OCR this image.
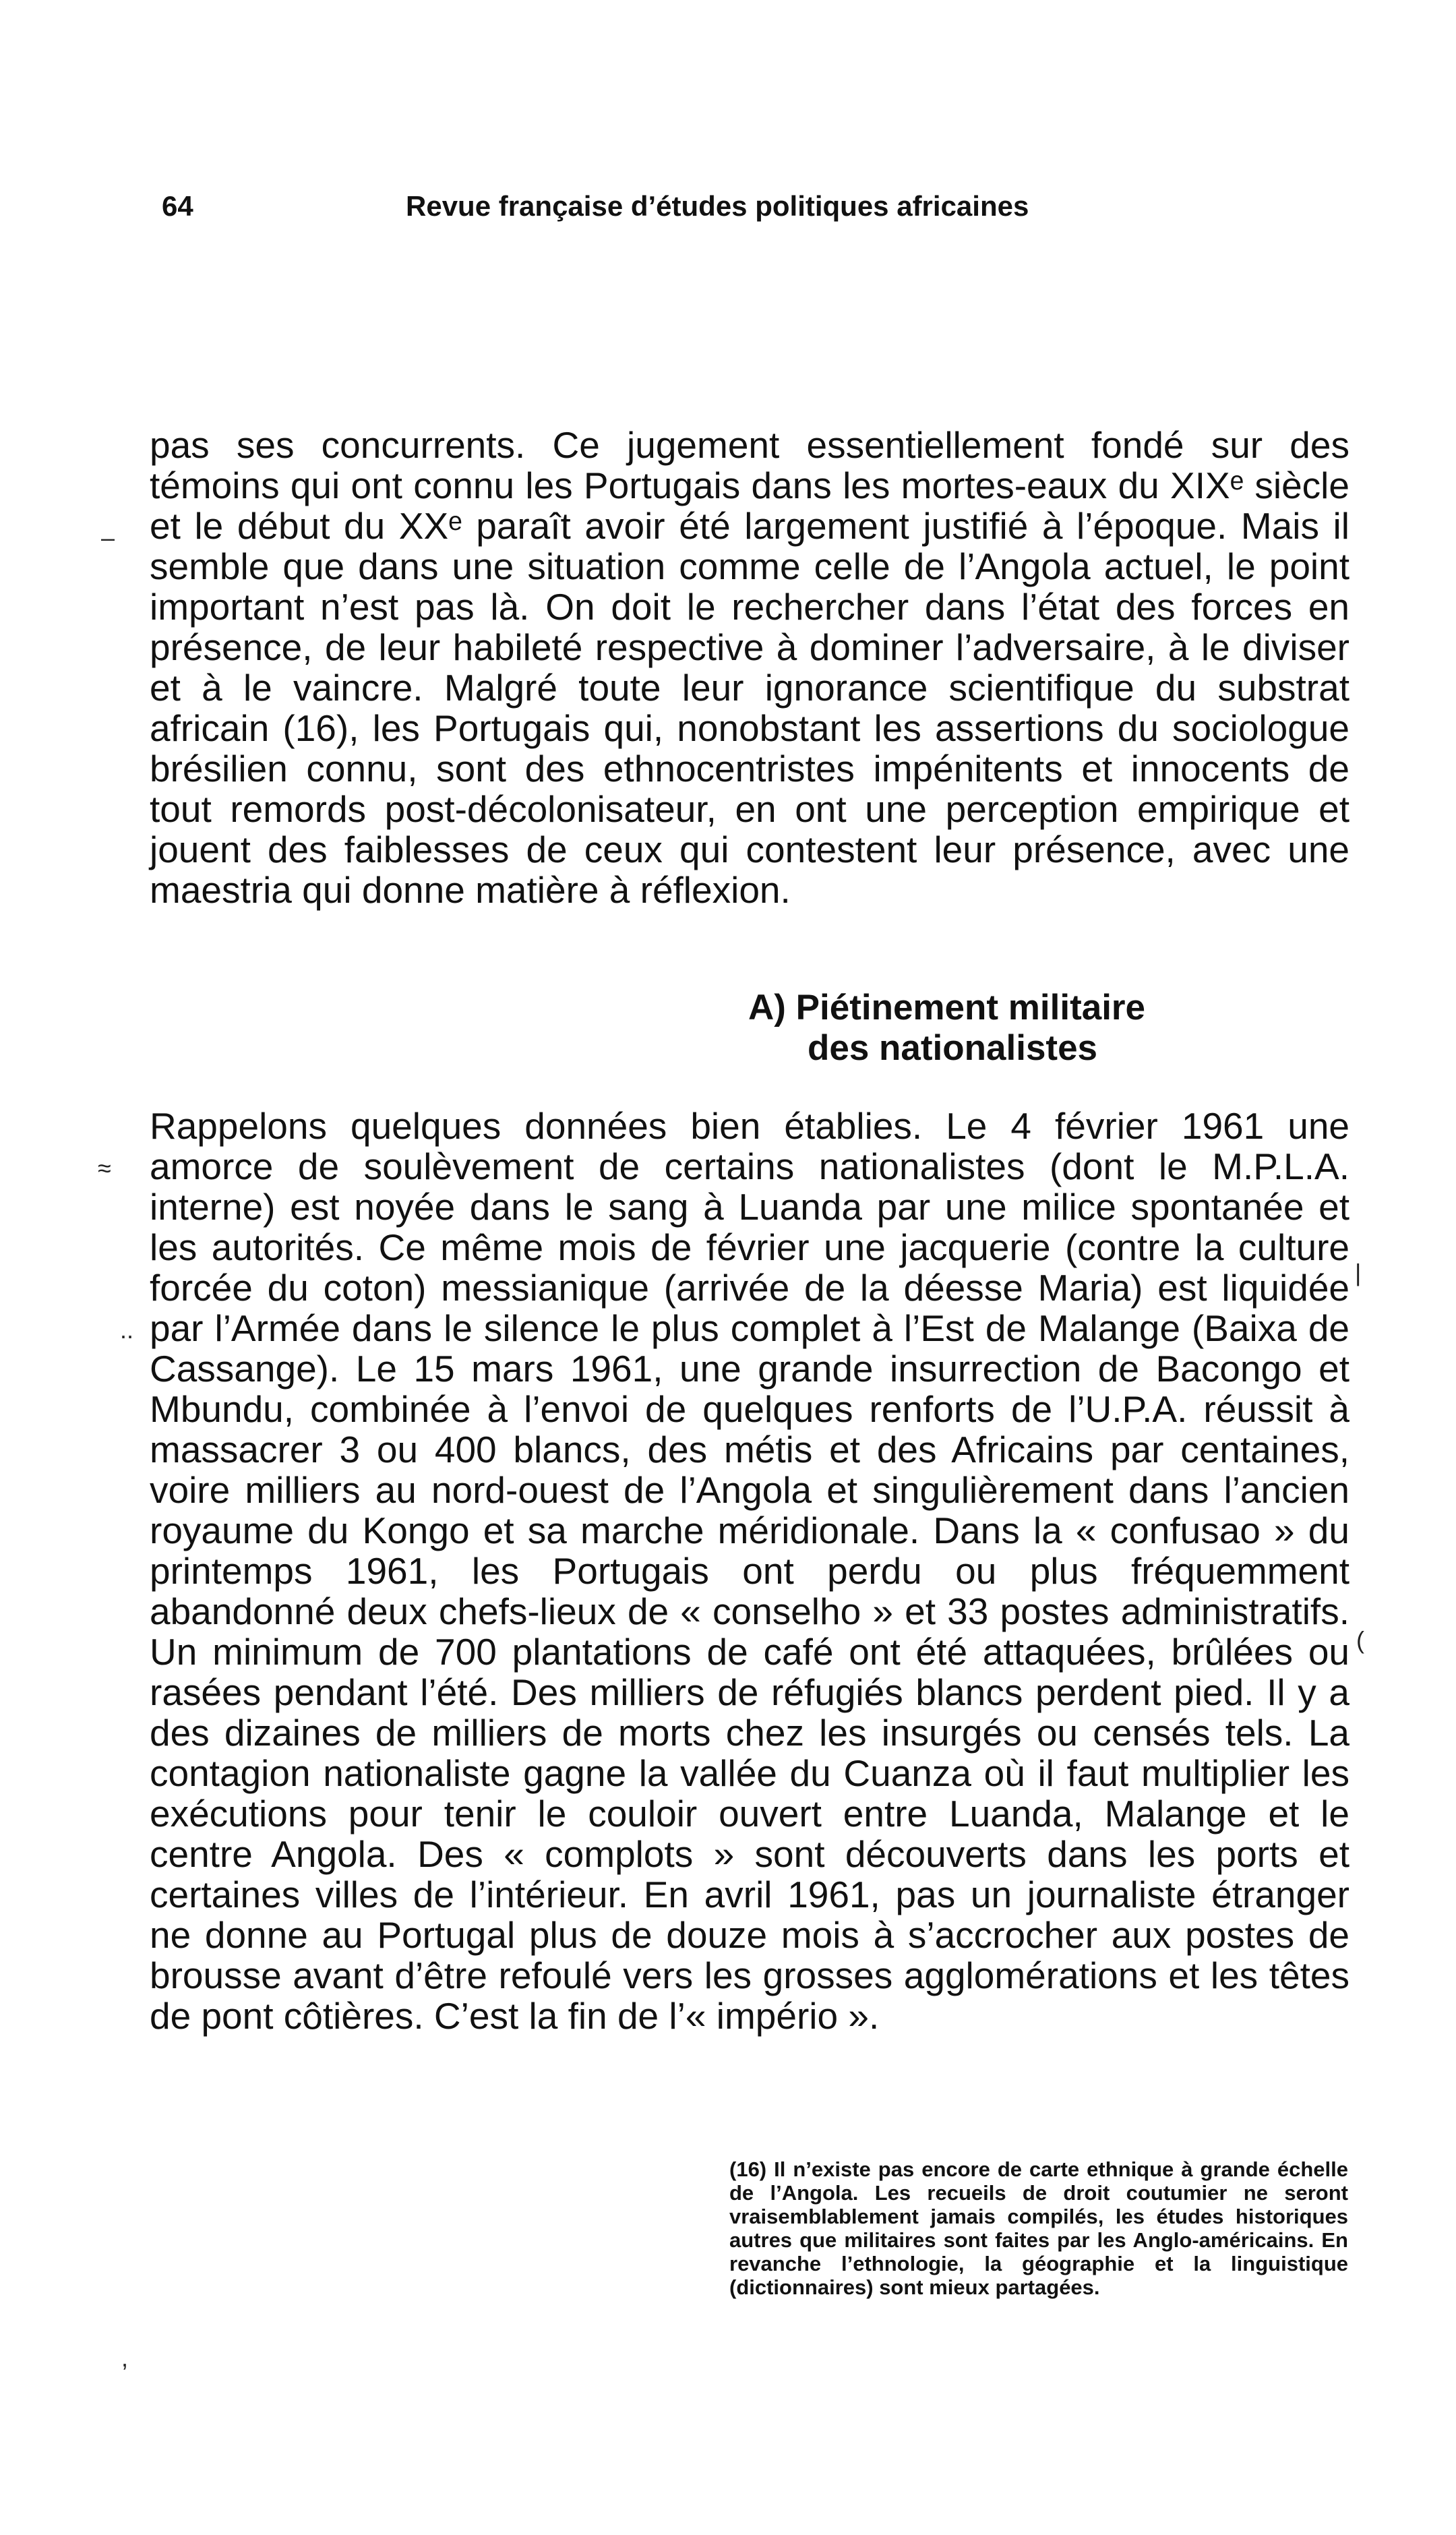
64	Revue française d’études politiques africaines
–
≈
..
|
(
,

pas ses concurrents. Ce jugement essentiellement fondé sur des témoins qui ont connu les Portugais dans les mortes-eaux du XIXᵉ siècle et le début du XXᵉ paraît avoir été largement justifié à l’époque. Mais il semble que dans une situation comme celle de l’Angola actuel, le point important n’est pas là. On doit le rechercher dans l’état des forces en présence, de leur habileté respective à dominer l’adversaire, à le diviser et à le vaincre. Malgré toute leur ignorance scientifique du substrat africain (16), les Portugais qui, nonobstant les assertions du sociologue brésilien connu, sont des ethnocentristes impénitents et innocents de tout remords post-décolonisateur, en ont une perception empirique et jouent des faiblesses de ceux qui contestent leur présence, avec une maestria qui donne matière à réflexion.

A) Piétinement militaire
des nationalistes

Rappelons quelques données bien établies. Le 4 février 1961 une amorce de soulèvement de certains nationalistes (dont le M.P.L.A. interne) est noyée dans le sang à Luanda par une milice spontanée et les autorités. Ce même mois de février une jacquerie (contre la culture forcée du coton) messianique (arrivée de la déesse Maria) est liquidée par l’Armée dans le silence le plus complet à l’Est de Malange (Baixa de Cassange). Le 15 mars 1961, une grande insurrection de Bacongo et Mbundu, combinée à l’envoi de quelques renforts de l’U.P.A. réussit à massacrer 3 ou 400 blancs, des métis et des Africains par centaines, voire milliers au nord-ouest de l’Angola et singulièrement dans l’ancien royaume du Kongo et sa marche méridionale. Dans la « confusao » du printemps 1961, les Portugais ont perdu ou plus fréquemment abandonné deux chefs-lieux de « conselho » et 33 postes administratifs. Un minimum de 700 plantations de café ont été attaquées, brûlées ou rasées pendant l’été. Des milliers de réfugiés blancs perdent pied. Il y a des dizaines de milliers de morts chez les insurgés ou censés tels. La contagion nationaliste gagne la vallée du Cuanza où il faut multiplier les exécutions pour tenir le couloir ouvert entre Luanda, Malange et le centre Angola. Des « complots » sont découverts dans les ports et certaines villes de l’intérieur. En avril 1961, pas un journaliste étranger ne donne au Portugal plus de douze mois à s’accrocher aux postes de brousse avant d’être refoulé vers les grosses agglomérations et les têtes de pont côtières. C’est la fin de l’« império ».

(16) Il n’existe pas encore de carte ethnique à grande échelle de l’Angola. Les recueils de droit coutumier ne seront vraisemblablement jamais compilés, les études historiques autres que militaires sont faites par les Anglo-américains. En revanche l’ethnologie, la géographie et la linguistique (dictionnaires) sont mieux partagées.
